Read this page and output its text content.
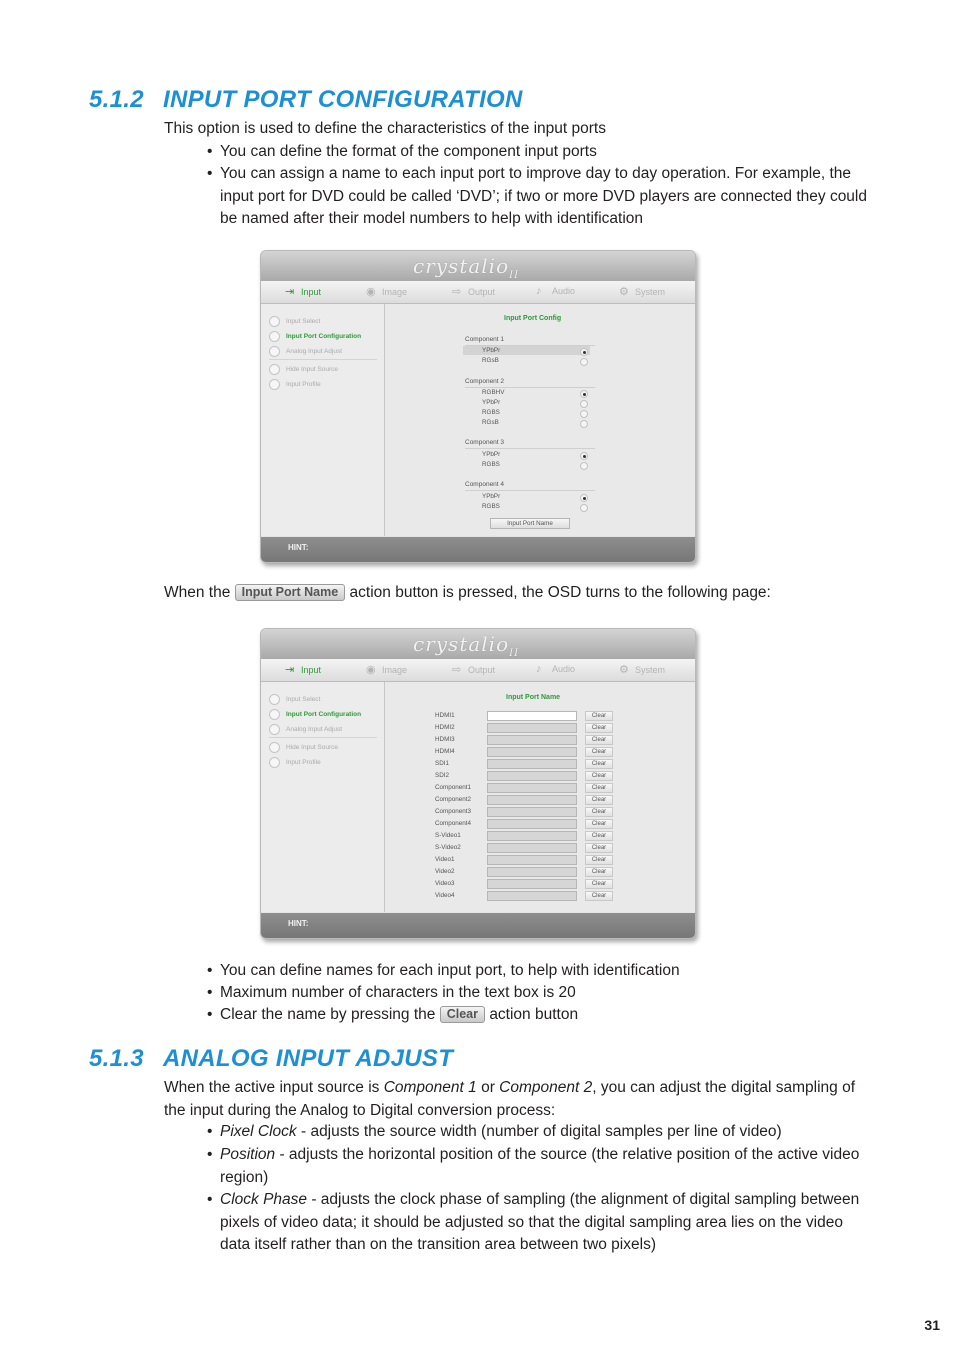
5.1.2 INPUT PORT CONFIGURATION
This option is used to define the characteristics of the input ports
• You can define the format of the component input ports
• You can assign a name to each input port to improve day to day operation. For example, the input port for DVD could be called ‘DVD’; if two or more DVD players are connected they could be named after their model numbers to help with identification
crystalio$_{II}$
⇥ Input	◉ Image	⇨ Output	♪ Audio	⚙ System
Input Select
Input Port Configuration
Analog Input Adjust
Hide Input Source
Input Profile
Input Port Config
Component 1
YPbPr
RGsB
Component 2
RGBHV
YPbPr
RGBS
RGsB
Component 3
YPbPr
RGBS
Component 4
YPbPr
RGBS
Input Port Name
HINT:
When the Input Port Name action button is pressed, the OSD turns to the following page:
crystalio$_{II}$
⇥ Input	◉ Image	⇨ Output	♪ Audio	⚙ System
Input Select
Input Port Configuration
Analog Input Adjust
Hide Input Source
Input Profile
Input Port Name
HDMI1	Clear
HDMI2	Clear
HDMI3	Clear
HDMI4	Clear
SDI1	Clear
SDI2	Clear
Component1	Clear
Component2	Clear
Component3	Clear
Component4	Clear
S-Video1	Clear
S-Video2	Clear
Video1	Clear
Video2	Clear
Video3	Clear
Video4	Clear
HINT:
• You can define names for each input port, to help with identification
• Maximum number of characters in the text box is 20
• Clear the name by pressing the Clear action button
5.1.3 ANALOG INPUT ADJUST
When the active input source is Component 1 or Component 2, you can adjust the digital sampling of the input during the Analog to Digital conversion process:
• Pixel Clock - adjusts the source width (number of digital samples per line of video)
• Position - adjusts the horizontal position of the source (the relative position of the active video region)
• Clock Phase - adjusts the clock phase of sampling (the alignment of digital sampling between pixels of video data; it should be adjusted so that the digital sampling area lies on the video data itself rather than on the transition area between two pixels)
31
